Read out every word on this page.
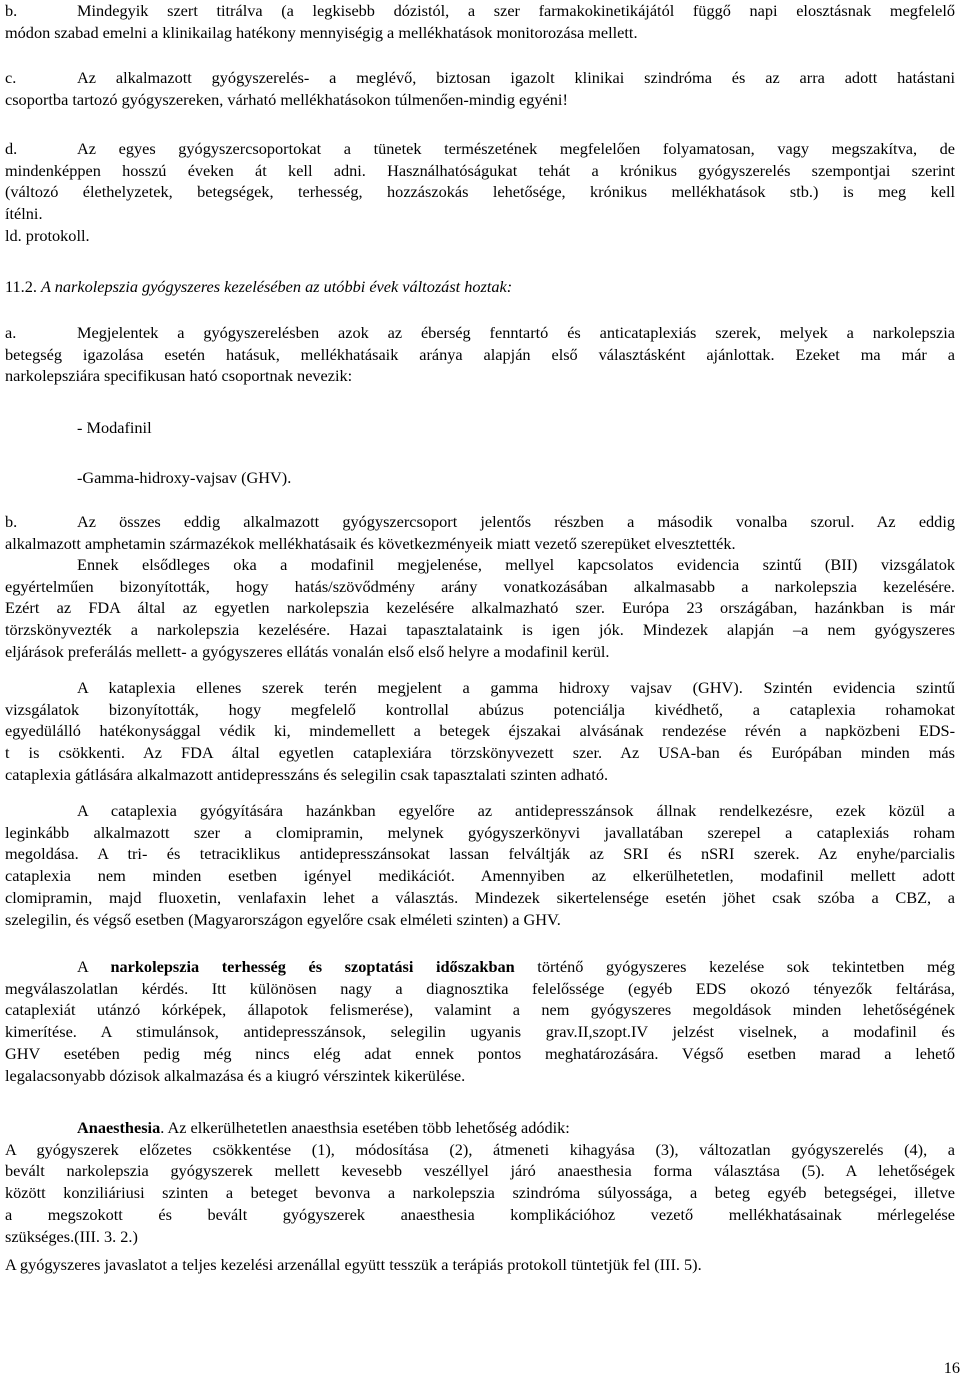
b.	Mindegyik szert titrálva (a legkisebb dózistól, a szer farmakokinetikájától függő napi elosztásnak megfelelő
módon szabad emelni a klinikailag hatékony mennyiségig a mellékhatások monitorozása mellett.
c.	Az alkalmazott gyógyszerelés- a meglévő, biztosan igazolt klinikai szindróma és az arra adott hatástani
csoportba tartozó gyógyszereken, várható mellékhatásokon túlmenően-mindig egyéni!
d.	Az egyes gyógyszercsoportokat a tünetek természetének megfelelően folyamatosan, vagy megszakítva, de
mindenképpen hosszú éveken át kell adni. Használhatóságukat tehát a krónikus gyógyszerelés szempontjai szerint
(változó élethelyzetek, betegségek, terhesség, hozzászokás lehetősége, krónikus mellékhatások stb.) is meg kell
ítélni.
ld. protokoll.
11.2. A narkolepszia gyógyszeres kezelésében az utóbbi évek változást hoztak:
a.	Megjelentek a gyógyszerelésben azok az éberség fenntartó és anticataplexiás szerek, melyek a narkolepszia
betegség igazolása esetén hatásuk, mellékhatásaik aránya alapján első választásként ajánlottak. Ezeket ma már a
narkolepsziára specifikusan ható csoportnak nevezik:
- Modafinil
-Gamma-hidroxy-vajsav (GHV).
b.	Az összes eddig alkalmazott gyógyszercsoport jelentős részben a második vonalba szorul. Az eddig
alkalmazott amphetamin származékok mellékhatásaik és következményeik miatt vezető szerepüket elvesztették.
Ennek elsődleges oka a modafinil megjelenése, mellyel kapcsolatos evidencia szintű (BII) vizsgálatok
egyértelműen bizonyították, hogy hatás/szövődmény arány vonatkozásában alkalmasabb a narkolepszia kezelésére.
Ezért az FDA által az egyetlen narkolepszia kezelésére alkalmazható szer. Európa 23 országában, hazánkban is már
törzskönyvezték a narkolepszia kezelésére. Hazai tapasztalataink is igen jók. Mindezek alapján –a nem gyógyszeres
eljárások preferálás mellett- a gyógyszeres ellátás vonalán első első helyre a modafinil kerül.
A kataplexia ellenes szerek terén megjelent a gamma hidroxy vajsav (GHV). Szintén evidencia szintű
vizsgálatok bizonyították, hogy megfelelő kontrollal abúzus potenciálja kivédhető, a cataplexia rohamokat
egyedülálló hatékonysággal védik ki, mindemellett a betegek éjszakai alvásának rendezése révén a napközbeni EDS-
t is csökkenti. Az FDA által egyetlen cataplexiára törzskönyvezett szer. Az USA-ban és Európában minden más
cataplexia gátlására alkalmazott antidepresszáns és selegilin csak tapasztalati szinten adható.
A cataplexia gyógyítására hazánkban egyelőre az antidepresszánsok állnak rendelkezésre, ezek közül a
leginkább alkalmazott szer a clomipramin, melynek gyógyszerkönyvi javallatában szerepel a cataplexiás roham
megoldása. A tri- és tetraciklikus antidepresszánsokat lassan felváltják az SRI és nSRI szerek. Az enyhe/parcialis
cataplexia nem minden esetben igényel medikációt. Amennyiben az elkerülhetetlen, modafinil mellett adott
clomipramin, majd fluoxetin, venlafaxin lehet a választás. Mindezek sikertelensége esetén jöhet csak szóba a CBZ, a
szelegilin, és végső esetben (Magyarországon egyelőre csak elméleti szinten) a GHV.
A narkolepszia terhesség és szoptatási időszakban történő gyógyszeres kezelése sok tekintetben még
megválaszolatlan kérdés. Itt különösen nagy a diagnosztika felelőssége (egyéb EDS okozó tényezők feltárása,
cataplexiát utánzó kórképek, állapotok felismerése), valamint a nem gyógyszeres megoldások minden lehetőségének
kimerítése. A stimulánsok, antidepresszánsok, selegilin ugyanis grav.II,szopt.IV jelzést viselnek, a modafinil és
GHV esetében pedig még nincs elég adat ennek pontos meghatározására. Végső esetben marad a lehető
legalacsonyabb dózisok alkalmazása és a kiugró vérszintek kikerülése.
Anaesthesia. Az elkerülhetetlen anaesthsia esetében több lehetőség adódik:
A gyógyszerek előzetes csökkentése (1), módosítása (2), átmeneti kihagyása (3), változatlan gyógyszerelés (4), a
bevált narkolepszia gyógyszerek mellett kevesebb veszéllyel járó anaesthesia forma választása (5). A lehetőségek
között konziliáriusi szinten a beteget bevonva a narkolepszia szindróma súlyossága, a beteg egyéb betegségei, illetve
a megszokott és bevált gyógyszerek anaesthesia komplikációhoz vezető mellékhatásainak mérlegelése
szükséges.(III. 3. 2.)
A gyógyszeres javaslatot a teljes kezelési arzenállal együtt tesszük a terápiás protokoll tüntetjük fel (III. 5).
16
